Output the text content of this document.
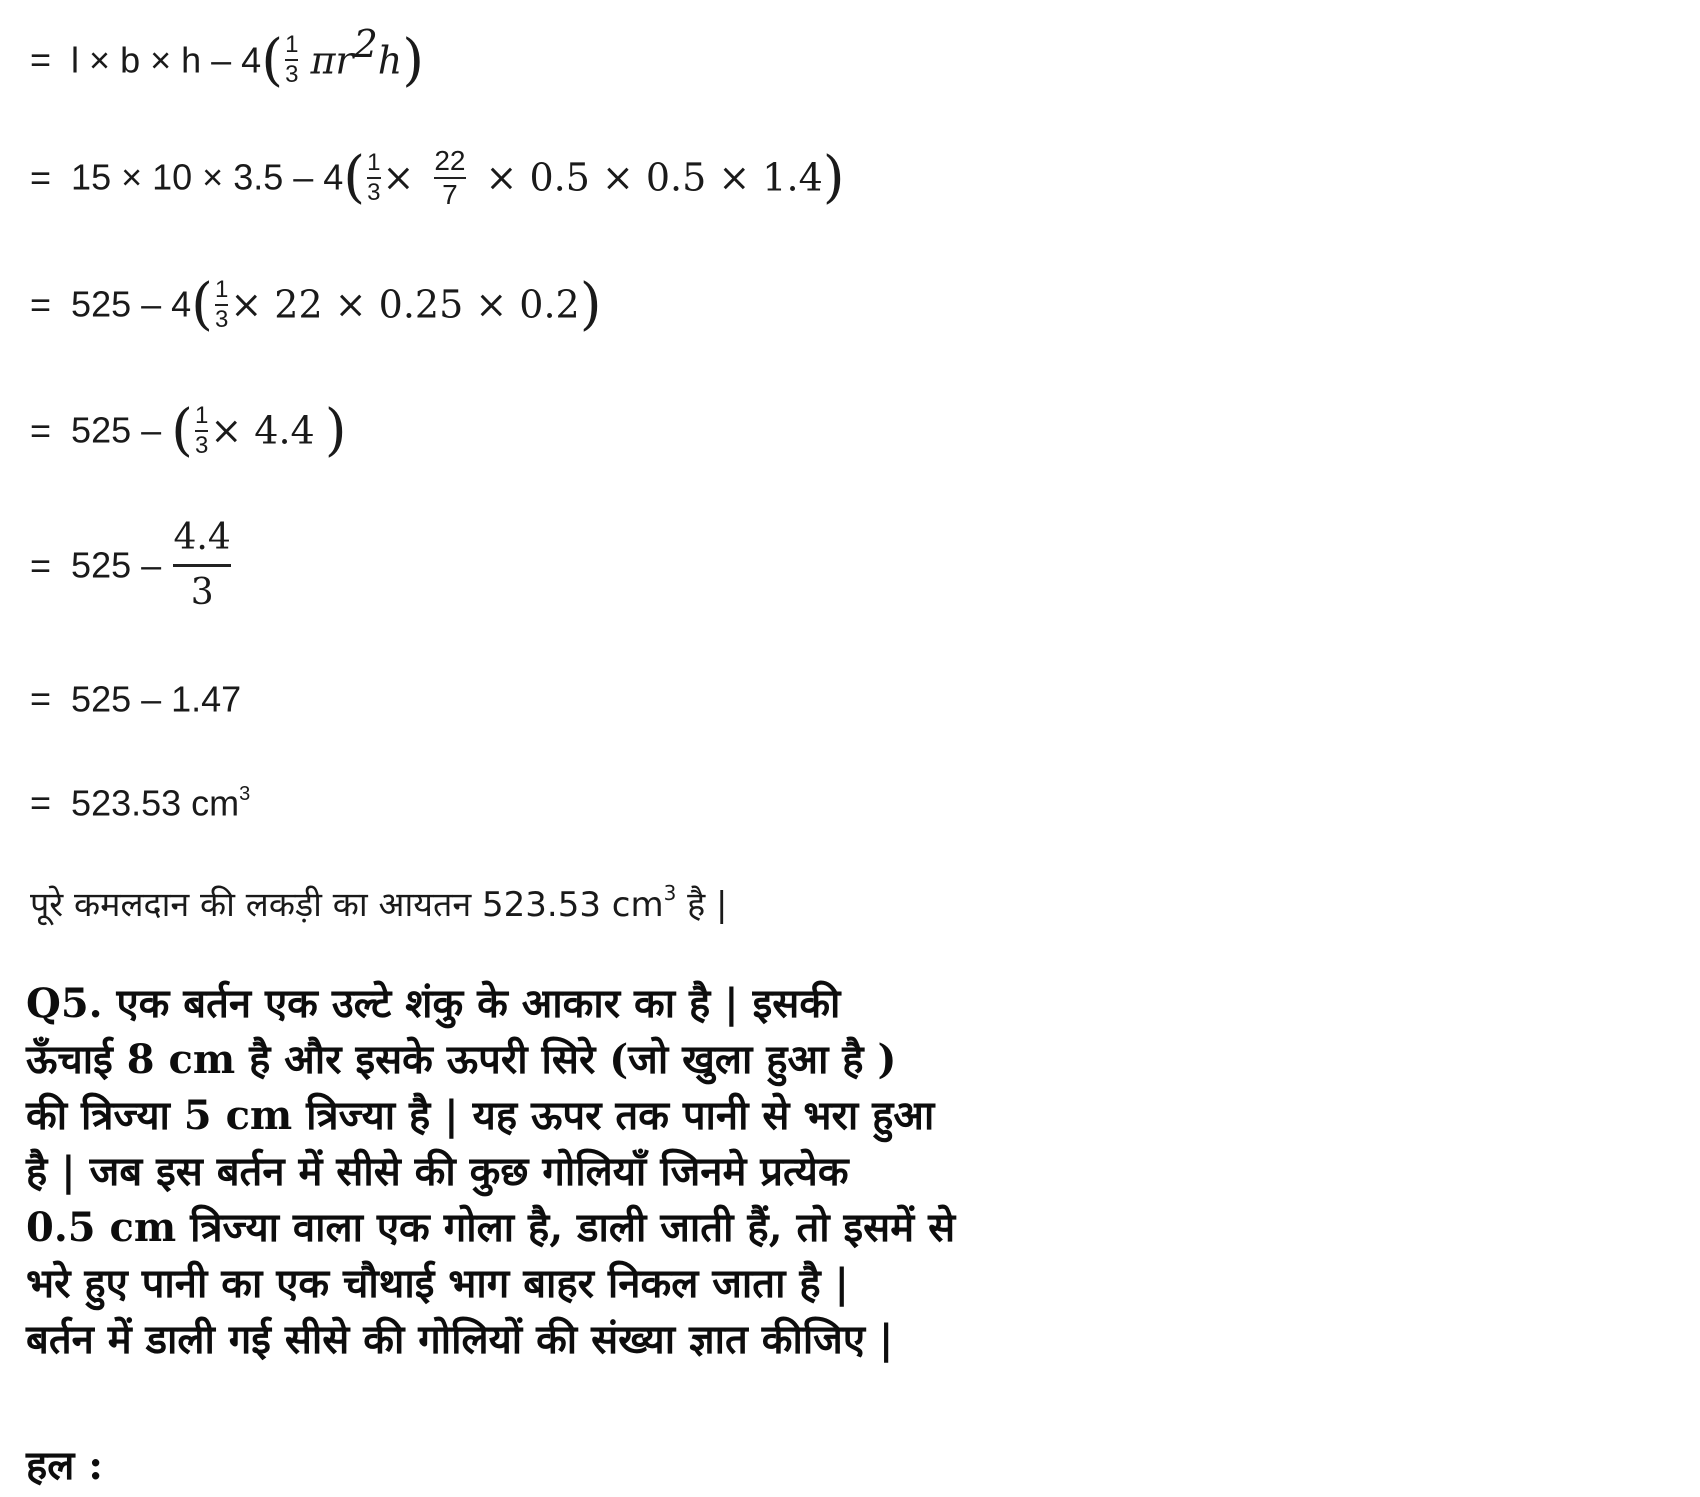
= $l \times b \times h - 4( \frac{1}{3} \pi r^2h)$
= $15 \times 10 \times 3.5 - 4( \frac{1}{3} \times \frac{22}{7} \times 0.5 \times 0.5 \times 1.4)$
= $525 - 4( \frac{1}{3} \times 22 \times 0.25 \times 0.2)$
= 525 – ( $\frac{1}{3} \times 4.4$ )
= $525 - \frac{4.4}{3}$
= 525 – 1.47
= 523.53 $cm^3$
पूरे कमलदान की लकड़ी का आयतन 523.53 $cm^3$ है |
Q5. एक बर्तन एक उल्टे शंकु के आकार का है | इसकी
ऊँचाई 8 cm है और इसके ऊपरी सिरे (जो खुला हुआ है )
की त्रिज्या 5 cm त्रिज्या है | यह ऊपर तक पानी से भरा हुआ
है | जब इस बर्तन में सीसे की कुछ गोलियाँ जिनमे प्रत्येक
0.5 cm त्रिज्या वाला एक गोला है, डाली जाती हैं, तो इसमें से
भरे हुए पानी का एक चौथाई भाग बाहर निकल जाता है |
बर्तन में डाली गई सीसे की गोलियों की संख्या ज्ञात कीजिए |
हल :
